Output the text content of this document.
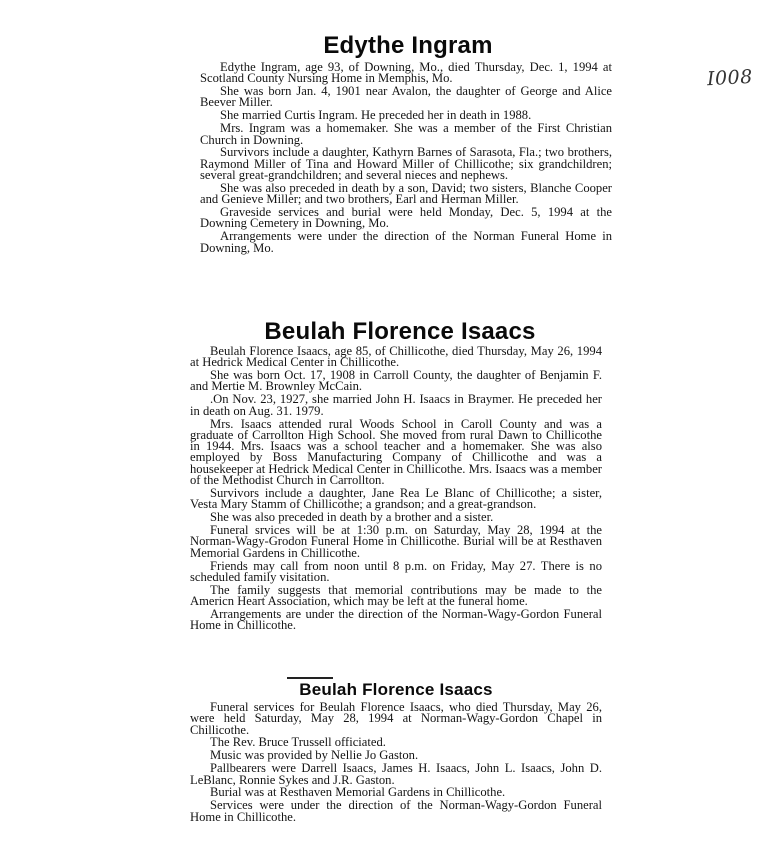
I008
Edythe Ingram

Edythe Ingram, age 93, of Downing, Mo., died Thursday, Dec. 1, 1994 at Scotland County Nursing Home in Memphis, Mo.

She was born Jan. 4, 1901 near Avalon, the daughter of George and Alice Beever Miller.

She married Curtis Ingram. He preceded her in death in 1988.

Mrs. Ingram was a homemaker. She was a member of the First Christian Church in Downing.

Survivors include a daughter, Kathyrn Barnes of Sarasota, Fla.; two brothers, Raymond Miller of Tina and Howard Miller of Chillicothe; six grandchildren; several great-grandchildren; and several nieces and nephews.

She was also preceded in death by a son, David; two sisters, Blanche Cooper and Genieve Miller; and two brothers, Earl and Herman Miller.

Graveside services and burial were held Monday, Dec. 5, 1994 at the Downing Cemetery in Downing, Mo.

Arrangements were under the direction of the Norman Funeral Home in Downing, Mo.

Beulah Florence Isaacs

Beulah Florence Isaacs, age 85, of Chillicothe, died Thursday, May 26, 1994 at Hedrick Medical Center in Chillicothe.

She was born Oct. 17, 1908 in Carroll County, the daughter of Benjamin F. and Mertie M. Brownley McCain.

.On Nov. 23, 1927, she married John H. Isaacs in Braymer. He preceded her in death on Aug. 31. 1979.

Mrs. Isaacs attended rural Woods School in Caroll County and was a graduate of Carrollton High School. She moved from rural Dawn to Chillicothe in 1944. Mrs. Isaacs was a school teacher and a homemaker. She was also employed by Boss Manufacturing Company of Chillicothe and was a housekeeper at Hedrick Medical Center in Chillicothe. Mrs. Isaacs was a member of the Methodist Church in Carrollton.

Survivors include a daughter, Jane Rea Le Blanc of Chillicothe; a sister, Vesta Mary Stamm of Chillicothe; a grandson; and a great-grandson.

She was also preceded in death by a brother and a sister.

Funeral srvices will be at 1:30 p.m. on Saturday, May 28, 1994 at the Norman-Wagy-Grodon Funeral Home in Chillicothe. Burial will be at Resthaven Memorial Gardens in Chillicothe.

Friends may call from noon until 8 p.m. on Friday, May 27. There is no scheduled family visitation.

The family suggests that memorial contributions may be made to the Americn Heart Association, which may be left at the funeral home.

Arrangements are under the direction of the Norman-Wagy-Gordon Funeral Home in Chillicothe.

Beulah Florence Isaacs

Funeral services for Beulah Florence Isaacs, who died Thursday, May 26, were held Saturday, May 28, 1994 at Norman-Wagy-Gordon Chapel in Chillicothe.

The Rev. Bruce Trussell officiated.

Music was provided by Nellie Jo Gaston.

Pallbearers were Darrell Isaacs, James H. Isaacs, John L. Isaacs, John D. LeBlanc, Ronnie Sykes and J.R. Gaston.

Burial was at Resthaven Memorial Gardens in Chillicothe.

Services were under the direction of the Norman-Wagy-Gordon Funeral Home in Chillicothe.
